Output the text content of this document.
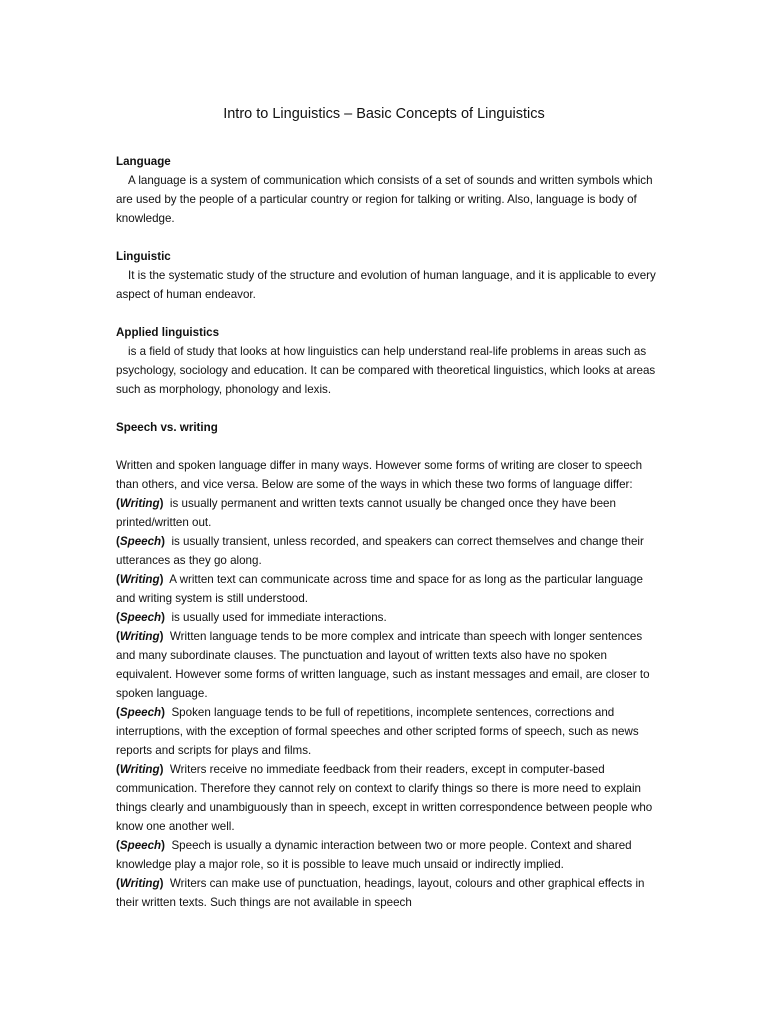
Intro to Linguistics – Basic Concepts of Linguistics
Language

A language is a system of communication which consists of a set of sounds and written symbols which are used by the people of a particular country or region for talking or writing. Also, language is body of knowledge.

Linguistic

It is the systematic study of the structure and evolution of human language, and it is applicable to every aspect of human endeavor.

Applied linguistics

is a field of study that looks at how linguistics can help understand real-life problems in areas such as psychology, sociology and education. It can be compared with theoretical linguistics, which looks at areas such as morphology, phonology and lexis.

Speech vs. writing

Written and spoken language differ in many ways. However some forms of writing are closer to speech than others, and vice versa. Below are some of the ways in which these two forms of language differ:

(Writing) is usually permanent and written texts cannot usually be changed once they have been printed/written out.

(Speech) is usually transient, unless recorded, and speakers can correct themselves and change their utterances as they go along.

(Writing) A written text can communicate across time and space for as long as the particular language and writing system is still understood.

(Speech) is usually used for immediate interactions.

(Writing) Written language tends to be more complex and intricate than speech with longer sentences and many subordinate clauses. The punctuation and layout of written texts also have no spoken equivalent. However some forms of written language, such as instant messages and email, are closer to spoken language.

(Speech) Spoken language tends to be full of repetitions, incomplete sentences, corrections and interruptions, with the exception of formal speeches and other scripted forms of speech, such as news reports and scripts for plays and films.

(Writing) Writers receive no immediate feedback from their readers, except in computer-based communication. Therefore they cannot rely on context to clarify things so there is more need to explain things clearly and unambiguously than in speech, except in written correspondence between people who know one another well.

(Speech) Speech is usually a dynamic interaction between two or more people. Context and shared knowledge play a major role, so it is possible to leave much unsaid or indirectly implied.

(Writing) Writers can make use of punctuation, headings, layout, colours and other graphical effects in their written texts. Such things are not available in speech
